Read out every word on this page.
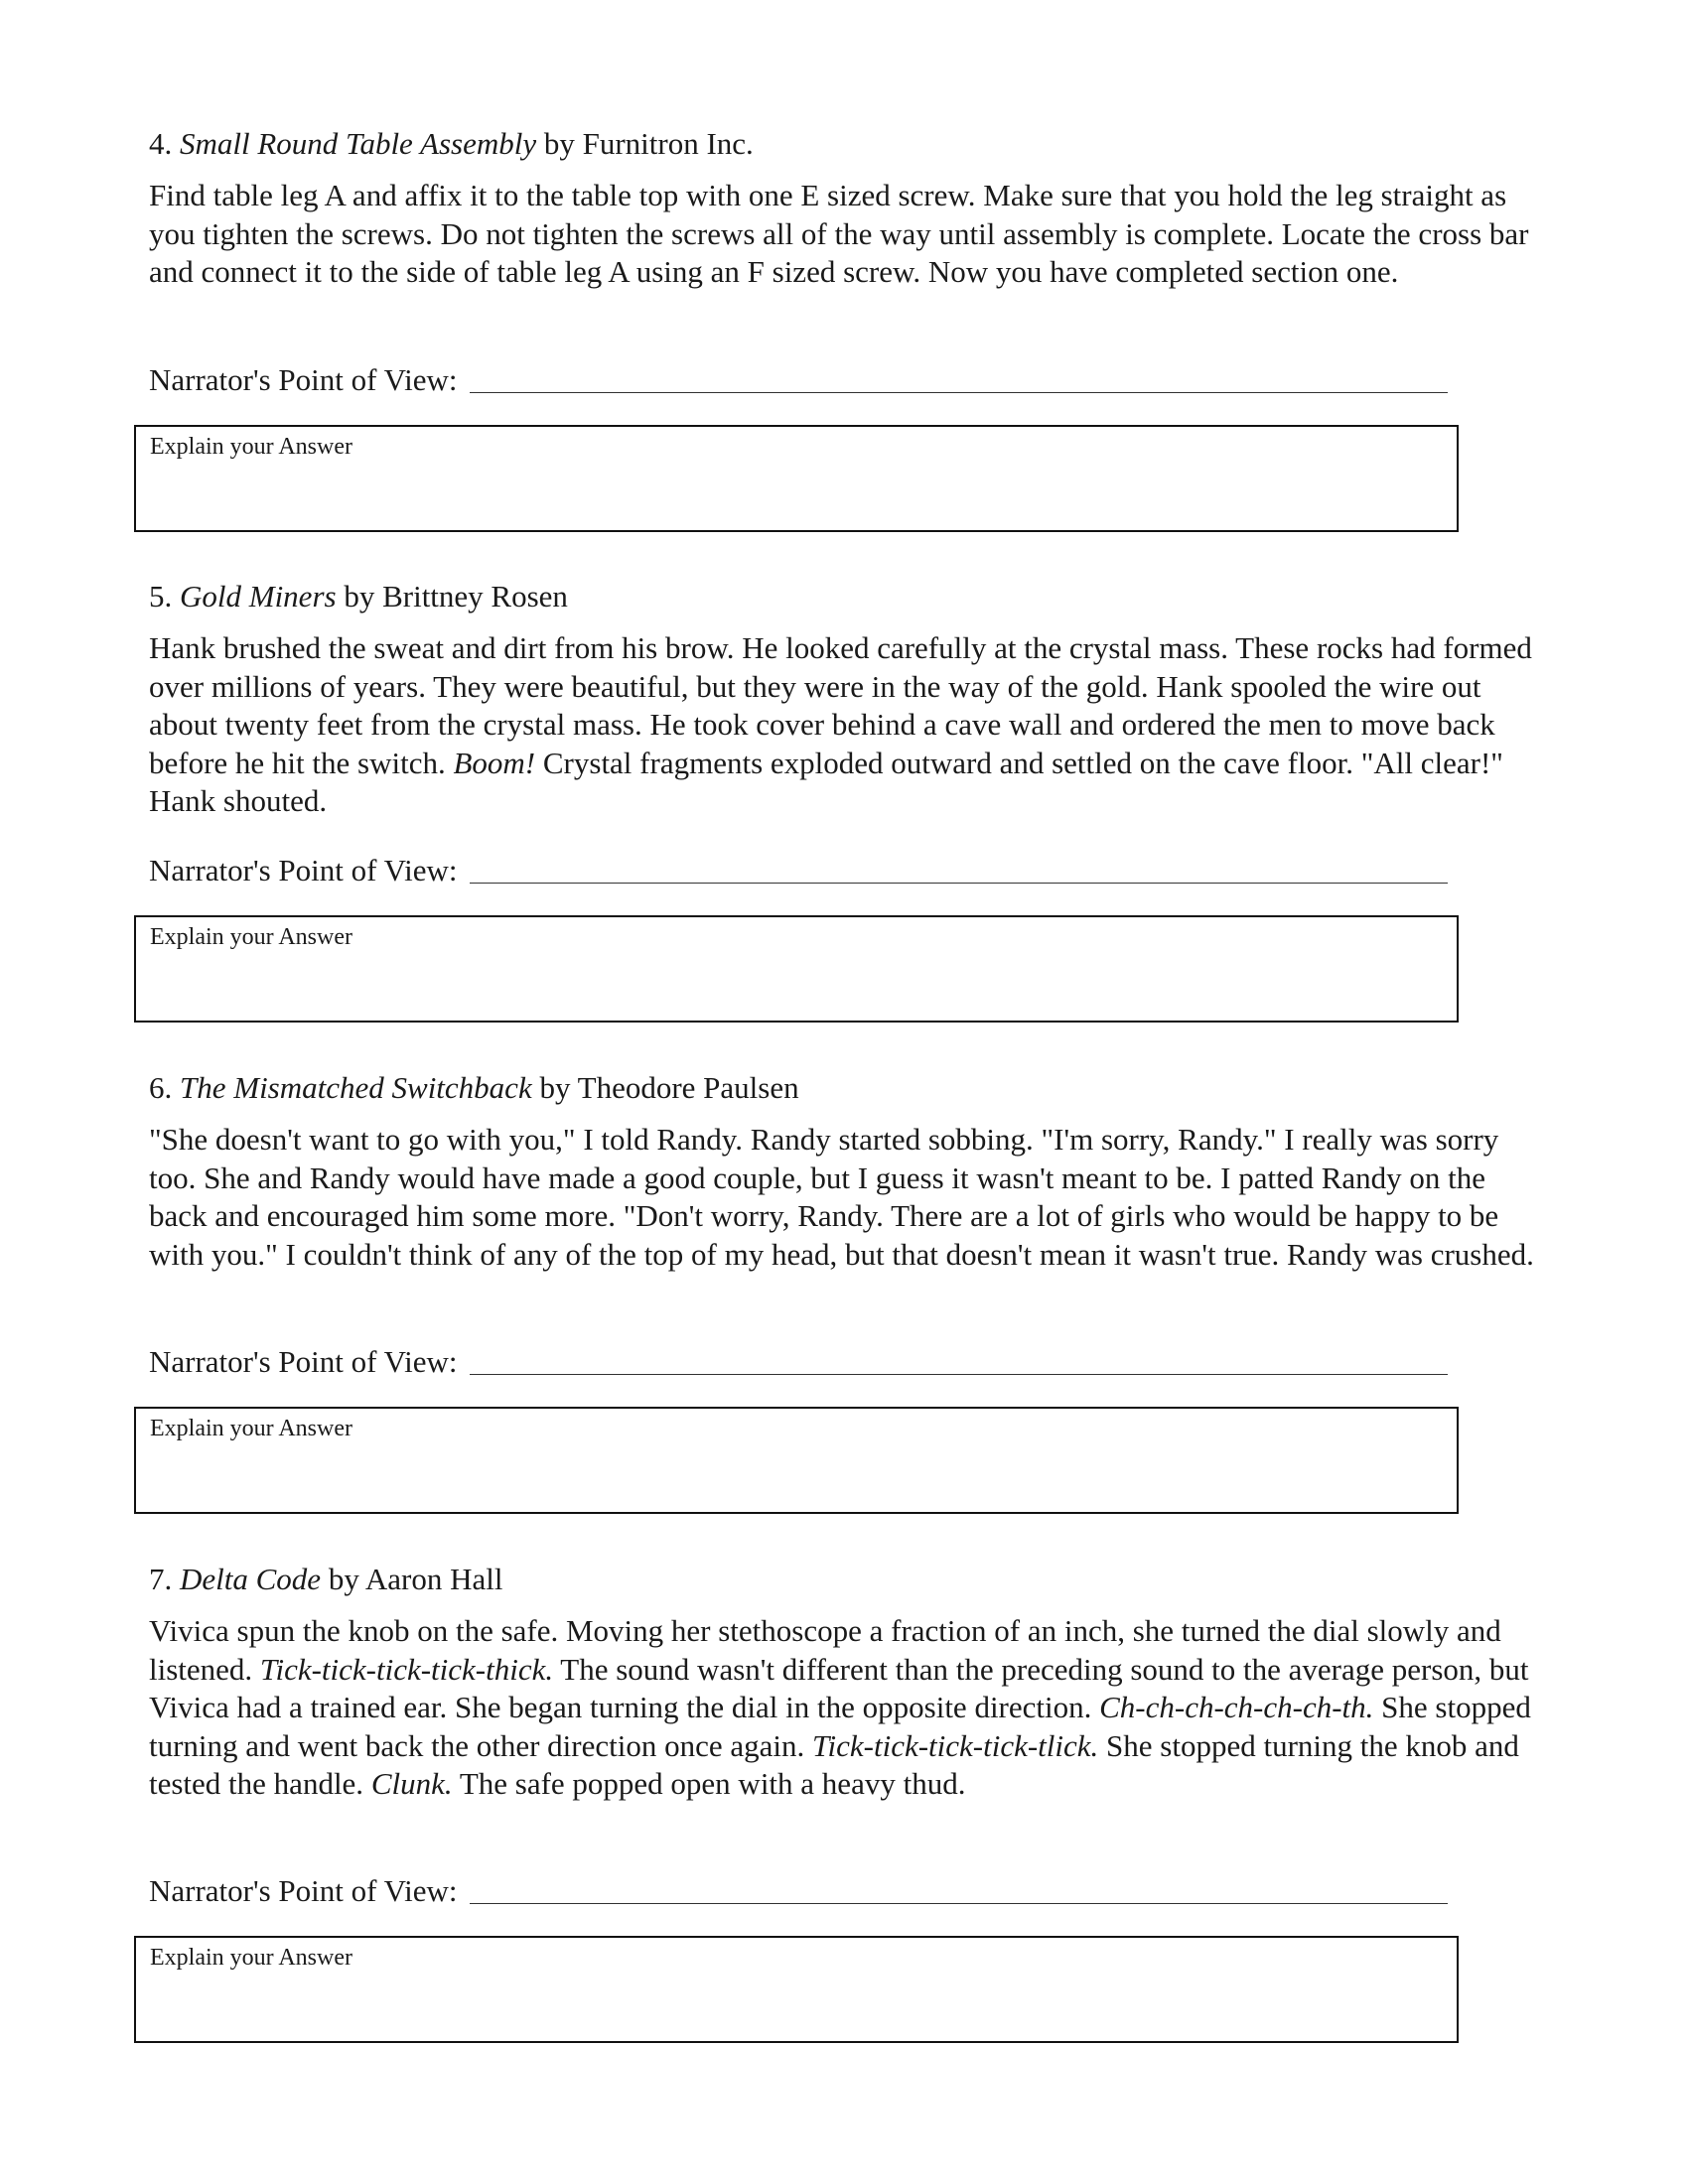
4. Small Round Table Assembly by Furnitron Inc.

Find table leg A and affix it to the table top with one E sized screw. Make sure that you hold the leg straight as you tighten the screws. Do not tighten the screws all of the way until assembly is complete. Locate the cross bar and connect it to the side of table leg A using an F sized screw. Now you have completed section one.

Narrator's Point of View:
Explain your Answer

5. Gold Miners by Brittney Rosen

Hank brushed the sweat and dirt from his brow. He looked carefully at the crystal mass. These rocks had formed over millions of years. They were beautiful, but they were in the way of the gold. Hank spooled the wire out about twenty feet from the crystal mass. He took cover behind a cave wall and ordered the men to move back before he hit the switch. Boom! Crystal fragments exploded outward and settled on the cave floor. "All clear!" Hank shouted.

Narrator's Point of View:
Explain your Answer

6. The Mismatched Switchback by Theodore Paulsen

"She doesn't want to go with you," I told Randy. Randy started sobbing. "I'm sorry, Randy." I really was sorry too. She and Randy would have made a good couple, but I guess it wasn't meant to be. I patted Randy on the back and encouraged him some more. "Don't worry, Randy. There are a lot of girls who would be happy to be with you." I couldn't think of any of the top of my head, but that doesn't mean it wasn't true. Randy was crushed.

Narrator's Point of View:
Explain your Answer

7. Delta Code by Aaron Hall

Vivica spun the knob on the safe. Moving her stethoscope a fraction of an inch, she turned the dial slowly and listened. Tick-tick-tick-tick-thick. The sound wasn't different than the preceding sound to the average person, but Vivica had a trained ear. She began turning the dial in the opposite direction. Ch-ch-ch-ch-ch-ch-th. She stopped turning and went back the other direction once again. Tick-tick-tick-tick-tlick. She stopped turning the knob and tested the handle. Clunk. The safe popped open with a heavy thud.

Narrator's Point of View:
Explain your Answer
